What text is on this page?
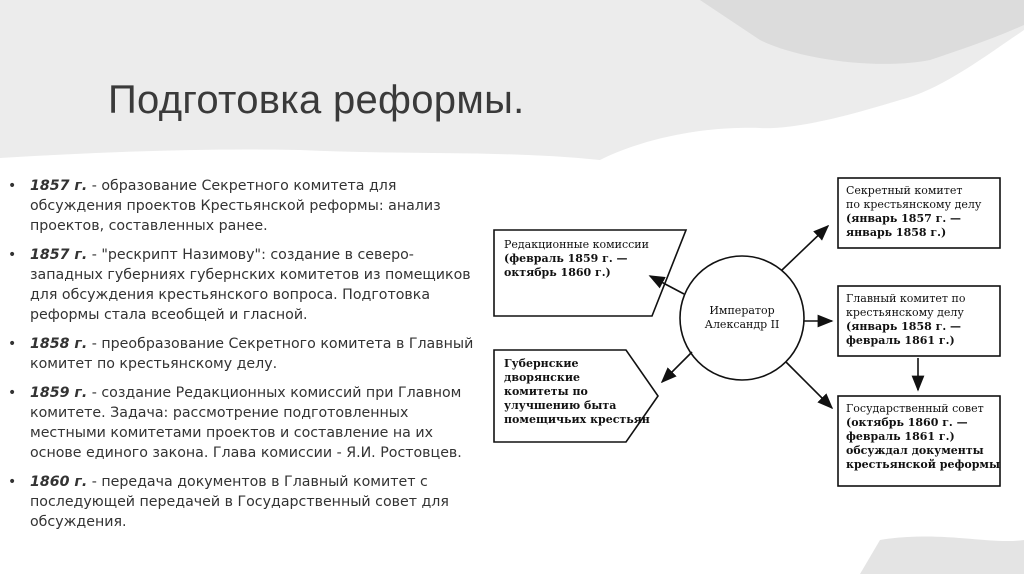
Подготовка реформы.
• 1857 г. - образование Секретного комитета для обсуждения проектов Крестьянской реформы: анализ проектов, составленных ранее.
• 1857 г. - "рескрипт Назимову": создание в северо-западных губерниях губернских комитетов из помещиков для обсуждения крестьянского вопроса. Подготовка реформы стала всеобщей и гласной.
• 1858 г. - преобразование Секретного комитета в Главный комитет по крестьянскому делу.
• 1859 г. - создание Редакционных комиссий при Главном комитете. Задача: рассмотрение подготовленных местными комитетами проектов и составление на их основе единого закона. Глава комиссии - Я.И. Ростовцев.
• 1860 г. - передача документов в Главный комитет с последующей передачей в Государственный совет для обсуждения.
Редакционные комиссии
(февраль 1859 г. —
октябрь 1860 г.)
Губернские
дворянские
комитеты по
улучшению быта
помещичьих крестьян
Император
Александр II
Секретный комитет
по крестьянскому делу
(январь 1857 г. —
январь 1858 г.)
Главный комитет по
крестьянскому делу
(январь 1858 г. —
февраль 1861 г.)
Государственный совет
(октябрь 1860 г. —
февраль 1861 г.)
обсуждал документы
крестьянской реформы
